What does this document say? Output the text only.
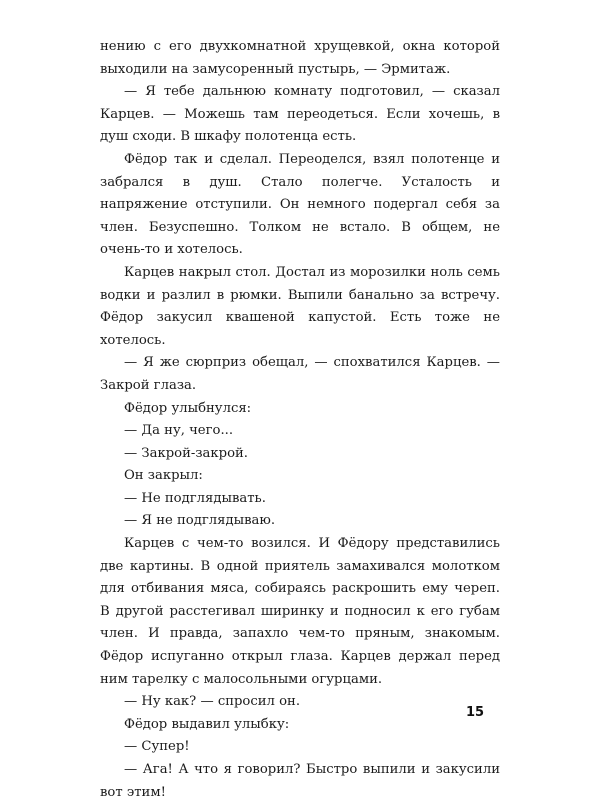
нению с его двухкомнатной хрущевкой, окна которой выходили на замусоренный пустырь, — Эрмитаж.

— Я тебе дальнюю комнату подготовил, — сказал Карцев. — Можешь там переодеться. Если хочешь, в душ сходи. В шкафу полотенца есть.

Фёдор так и сделал. Переоделся, взял полотенце и забрался в душ. Стало полегче. Усталость и напряжение отступили. Он немного подергал себя за член. Безуспешно. Толком не встало. В общем, не очень-то и хотелось.

Карцев накрыл стол. Достал из морозилки ноль семь водки и разлил в рюмки. Выпили банально за встречу. Фёдор закусил квашеной капустой. Есть тоже не хотелось.

— Я же сюрприз обещал, — спохватился Карцев. — Закрой глаза.

Фёдор улыбнулся:

— Да ну, чего...

— Закрой-закрой.

Он закрыл:

— Не подглядывать.

— Я не подглядываю.

Карцев с чем-то возился. И Фёдору представились две картины. В одной приятель замахивался молотком для отбивания мяса, собираясь раскрошить ему череп. В другой расстегивал ширинку и подносил к его губам член. И правда, запахло чем-то пряным, знакомым. Фёдор испуганно открыл глаза. Карцев держал перед ним тарелку с малосольными огурцами.

— Ну как? — спросил он.

Фёдор выдавил улыбку:

— Супер!

— Ага! А что я говорил? Быстро выпили и закусили вот этим!

15
